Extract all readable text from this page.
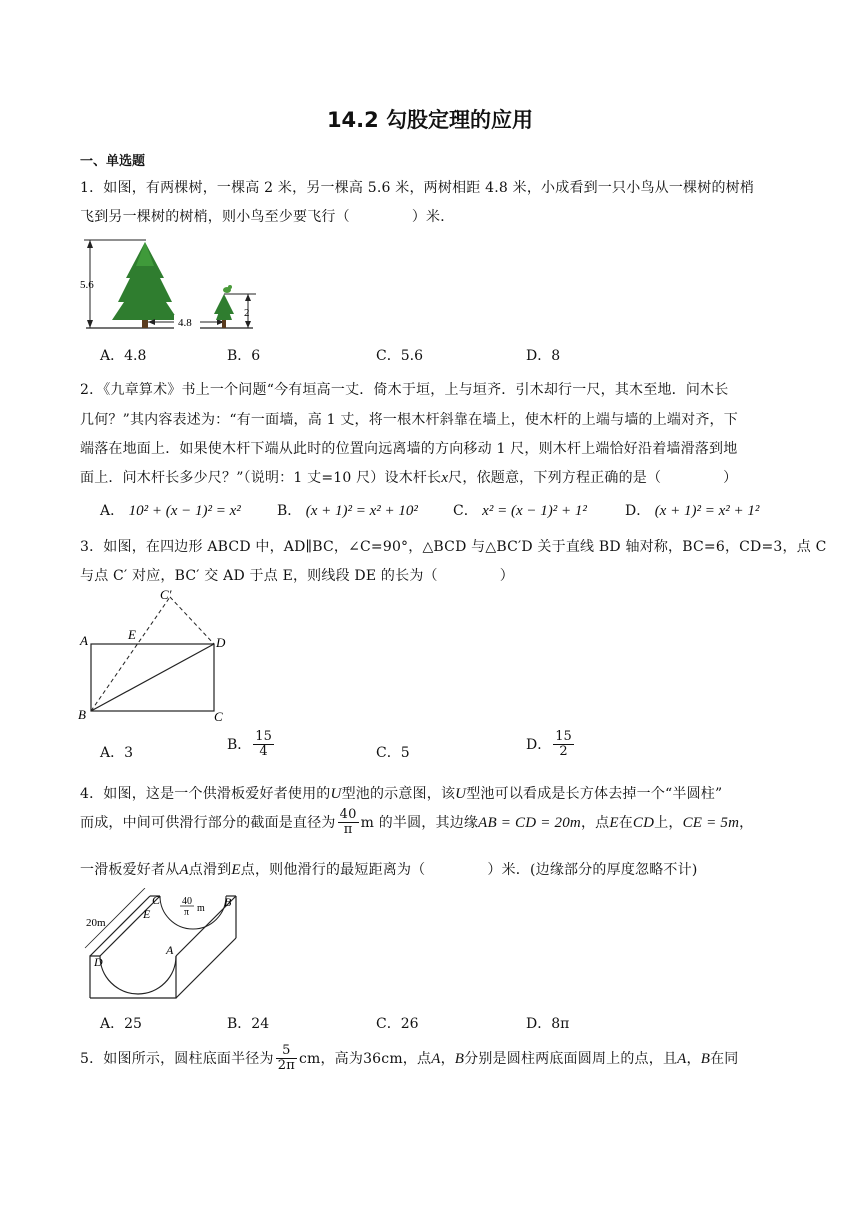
14.2 勾股定理的应用
一、单选题
1．如图，有两棵树，一棵高 2 米，另一棵高 5.6 米，两树相距 4.8 米，小成看到一只小鸟从一棵树的树梢
飞到另一棵树的树梢，则小鸟至少要飞行（	）米．
5.6
4.8
2
A．4.8	B．6	C．5.6	D．8
2．《九章算术》书上一个问题“今有垣高一丈．倚木于垣，上与垣齐．引木却行一尺，其木至地．问木长
几何？”其内容表述为：“有一面墙，高 1 丈，将一根木杆斜靠在墙上，使木杆的上端与墙的上端对齐，下
端落在地面上．如果使木杆下端从此时的位置向远离墙的方向移动 1 尺，则木杆上端恰好沿着墙滑落到地
面上．问木杆长多少尺？”（说明：1 丈=10 尺）设木杆长x尺，依题意，下列方程正确的是（	）
A． 10² + (x − 1)² = x²	B． (x + 1)² = x² + 10²	C． x² = (x − 1)² + 1²	D． (x + 1)² = x² + 1²
3．如图，在四边形 ABCD 中，AD∥BC，∠C=90°，△BCD 与△BC′D 关于直线 BD 轴对称，BC=6，CD=3，点 C
与点 C′ 对应，BC′ 交 AD 于点 E，则线段 DE 的长为（	）
C′
A	E
D
B	C
A．3
B． $\frac{15}{4}$	C．5
D． $\frac{15}{2}$
4．如图，这是一个供滑板爱好者使用的U型池的示意图，该U型池可以看成是长方体去掉一个“半圆柱”
而成，中间可供滑行部分的截面是直径为 $\frac{40}{\pi}$ m 的半圆，其边缘AB = CD = 20m，点E在CD上，CE = 5m，
一滑板爱好者从A点滑到E点，则他滑行的最短距离为（	）米．(边缘部分的厚度忽略不计)
20m
40
π m
C
E
D
A
B
A．25	B．24	C．26	D．8π
5．如图所示，圆柱底面半径为 $\frac{5}{2\pi}$ cm，高为36cm，点A，B分别是圆柱两底面圆周上的点，且A，B在同
